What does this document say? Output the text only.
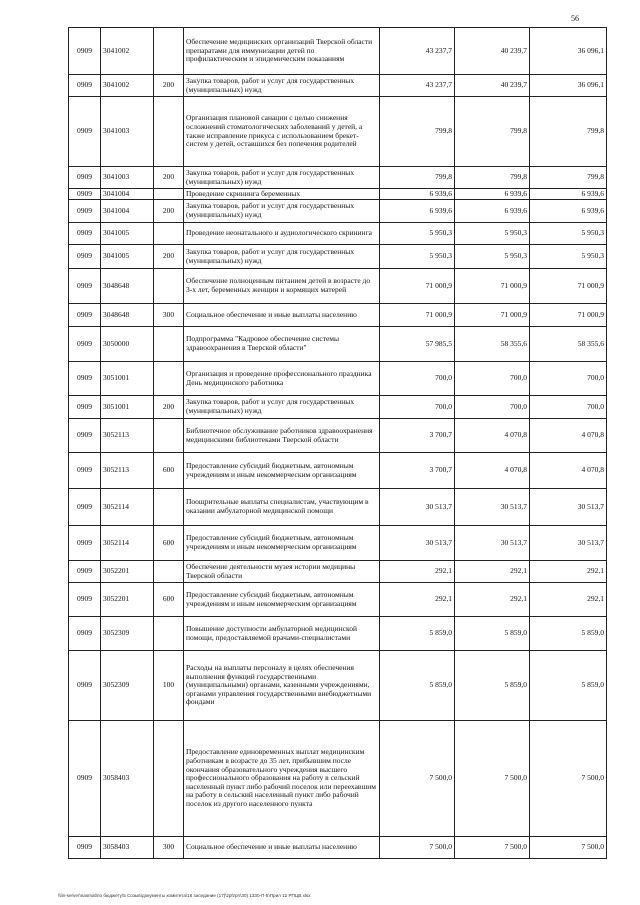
56
0909	3041002		Обеспечение медицинских организаций Тверской области препаратами для иммунизации детей по профилактическим и эпидемическим показаниям	43 237,7	40 239,7	36 096,1
0909	3041002	200	Закупка товаров, работ и услуг для государственных (муниципальных) нужд	43 237,7	40 239,7	36 096,1
0909	3041003		Организация плановой санации с целью снижения осложнений стоматологических заболеваний у детей, а также исправление прикуса с использованием брекет-систем у детей, оставшихся без попечения родителей	799,8	799,8	799,8
0909	3041003	200	Закупка товаров, работ и услуг для государственных (муниципальных) нужд	799,8	799,8	799,8
0909	3041004		Проведение скрининга беременных	6 939,6	6 939,6	6 939,6
0909	3041004	200	Закупка товаров, работ и услуг для государственных (муниципальных) нужд	6 939,6	6 939,6	6 939,6
0909	3041005		Проведение неонатального и аудиологического скрининга	5 950,3	5 950,3	5 950,3
0909	3041005	200	Закупка товаров, работ и услуг для государственных (муниципальных) нужд	5 950,3	5 950,3	5 950,3
0909	3048648		Обеспечение полноценным питанием детей в возрасте до 3-х лет, беременных женщин и кормящих матерей	71 000,9	71 000,9	71 000,9
0909	3048648	300	Социальное обеспечение и иные выплаты населению	71 000,9	71 000,9	71 000,9
0909	3050000		Подпрограмма "Кадровое обеспечение системы здравоохранения в Тверской области"	57 985,5	58 355,6	58 355,6
0909	3051001		Организация и проведение профессионального праздника День медицинского работника	700,0	700,0	700,0
0909	3051001	200	Закупка товаров, работ и услуг для государственных (муниципальных) нужд	700,0	700,0	700,0
0909	3052113		Библиотечное обслуживание работников здравоохранения медицинскими библиотеками Тверской области	3 700,7	4 070,8	4 070,8
0909	3052113	600	Предоставление субсидий бюджетным, автономным учреждениям и иным некоммерческим организациям	3 700,7	4 070,8	4 070,8
0909	3052114		Поощрительные выплаты специалистам, участвующим в оказании амбулаторной медицинской помощи	30 513,7	30 513,7	30 513,7
0909	3052114	600	Предоставление субсидий бюджетным, автономным учреждениям и иным некоммерческим организациям	30 513,7	30 513,7	30 513,7
0909	3052201		Обеспечение деятельности музея истории медицины Тверской области	292,1	292,1	292,1
0909	3052201	600	Предоставление субсидий бюджетным, автономным учреждениям и иным некоммерческим организациям	292,1	292,1	292,1
0909	3052309		Повышение доступности амбулаторной медицинской помощи, предоставляемой врачами-специалистами	5 859,0	5 859,0	5 859,0
0909	3052309	100	Расходы на выплаты персоналу в целях обеспечения выполнения функций государственными (муниципальными) органами, казенными учреждениями, органами управления государственными внебюджетными фондами	5 859,0	5 859,0	5 859,0
0909	3058403		Предоставление единовременных выплат медицинским работникам в возрасте до 35 лет, прибывшим после окончания образовательного учреждения высшего профессионального образования на работу в сельский населенный пункт либо рабочий поселок или переехавшим на работу в сельский населенный пункт либо рабочий поселок из другого населенного пункта	7 500,0	7 500,0	7 500,0
0909	3058403	300	Социальное обеспечение и иные выплаты населению	7 500,0	7 500,0	7 500,0
\\lin-server\nasmat\по бюджету\5 Созыв\документы комитета\16 заседание (17)\zpfzpn\30) 1330-П-5\Прил 12 РПЦВ.xlsx
